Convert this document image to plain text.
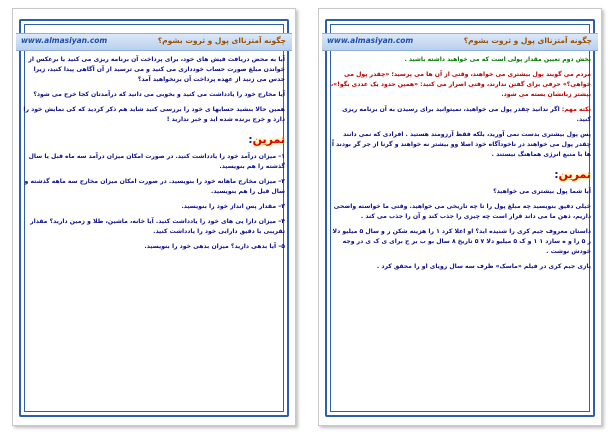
www.almasiyan.com	چگونه آمتزناای پول و ثروت بشوم؟

آیا به محض دریافت فیش های خود، برای پرداخت آن برنامه ریزی می کنید یا برعکس از خواندن مبلغ صورت حساب خودداری می کنید و می ترسید از آن آگاهی پیدا کنید، زیرا حدس می زنید از عهده پرداخت آن برنخواهید آمد؟

آیا مخارج خود را یادداشت می کنید و بخوبی می دانید که درآمدتان کجا خرج می شود؟

همین حالا بنشید حسابها ی خود را بررسی کنید شاید هم ذکر کردید که کی نمایش خود را دارد و خرج برنده شده اید و خبر ندارید !

تمرین:

۱– میزان درآمد خود را یادداشت کنید. در صورت امکان میزان درآمد سه ماه قبل یا سال گذشته را هم بنویسید.

۲– میزان مخارج ماهانه خود را بنویسید. در صورت امکان میزان مخارج سه ماهه گذشته و سال قبل را هم بنویسید.

۳– مقدار پس انداز خود را بنویسید.

۴– میزان دارا یی های خود را یادداشت کنید. آیا خانه، ماشین، طلا و زمین دارید؟ مقدار تقریبی با دقیق دارایی خود را یادداشت کنید.

۵– آیا بدهی دارید؟ میزان بدهی خود را بنویسید.

www.almasiyan.com	چگونه آمتزناای پول و ثروت بشوم؟

بخش دوم تعیین مقدار پولی است که می خواهید داشته باشید .

مردم می گویند پول بیشتری می خواهند، وقتی از آن ها می پرسید؛ «چقدر پول می خواهی؟» حرفی برای گفتن ندارند، وقتی اصرار می کنید: «همین حدود یک عددی بگو!»، بیشتر زبانشان بسته می شود.

نکته مهم: اگر ندانید چقدر پول می خواهید، نمیتوانید برای رسیدن به آن برنامه ریزی کنید.

پس پول بیشتری بدست نمی آورید، بلکه فقط آرزومند هستید . افرادی که نمی دانند چقدر پول می خواهند در ناخودآگاه خود اصلا وو بیشتر نه خواهند و گرنا از جر گر بودند اُ ها با منبع انرژی هماهنگ نیستند .

تمرین:

آیا شما پول بیشتری می خواهید؟

خیلی دقیق بنویسید چه مبلغ پول را تا چه تاریخی می خواهید. وقتی ما خواسته واضحی داریم، ذهن ما می داند قرار است چه چیزی را جذب کند و آن را جذب می کند .

داستان معروف جیم کری را شنیده اید؟ او اعلا کرد ۱ را هزینه شکن ر و سال ۵ میلیو دلا ر ۵ را و ه سازد ۱ ۱ و ک ۵ میلیو دلا ۷ ۵ تاریخ ۸ سال بو ب بر ج برای ی ک ی در وجه خودش نوشت .

بازی جیم کری در فیلم «ماسک» ظرف سه سال رویای او را محقق کرد .
